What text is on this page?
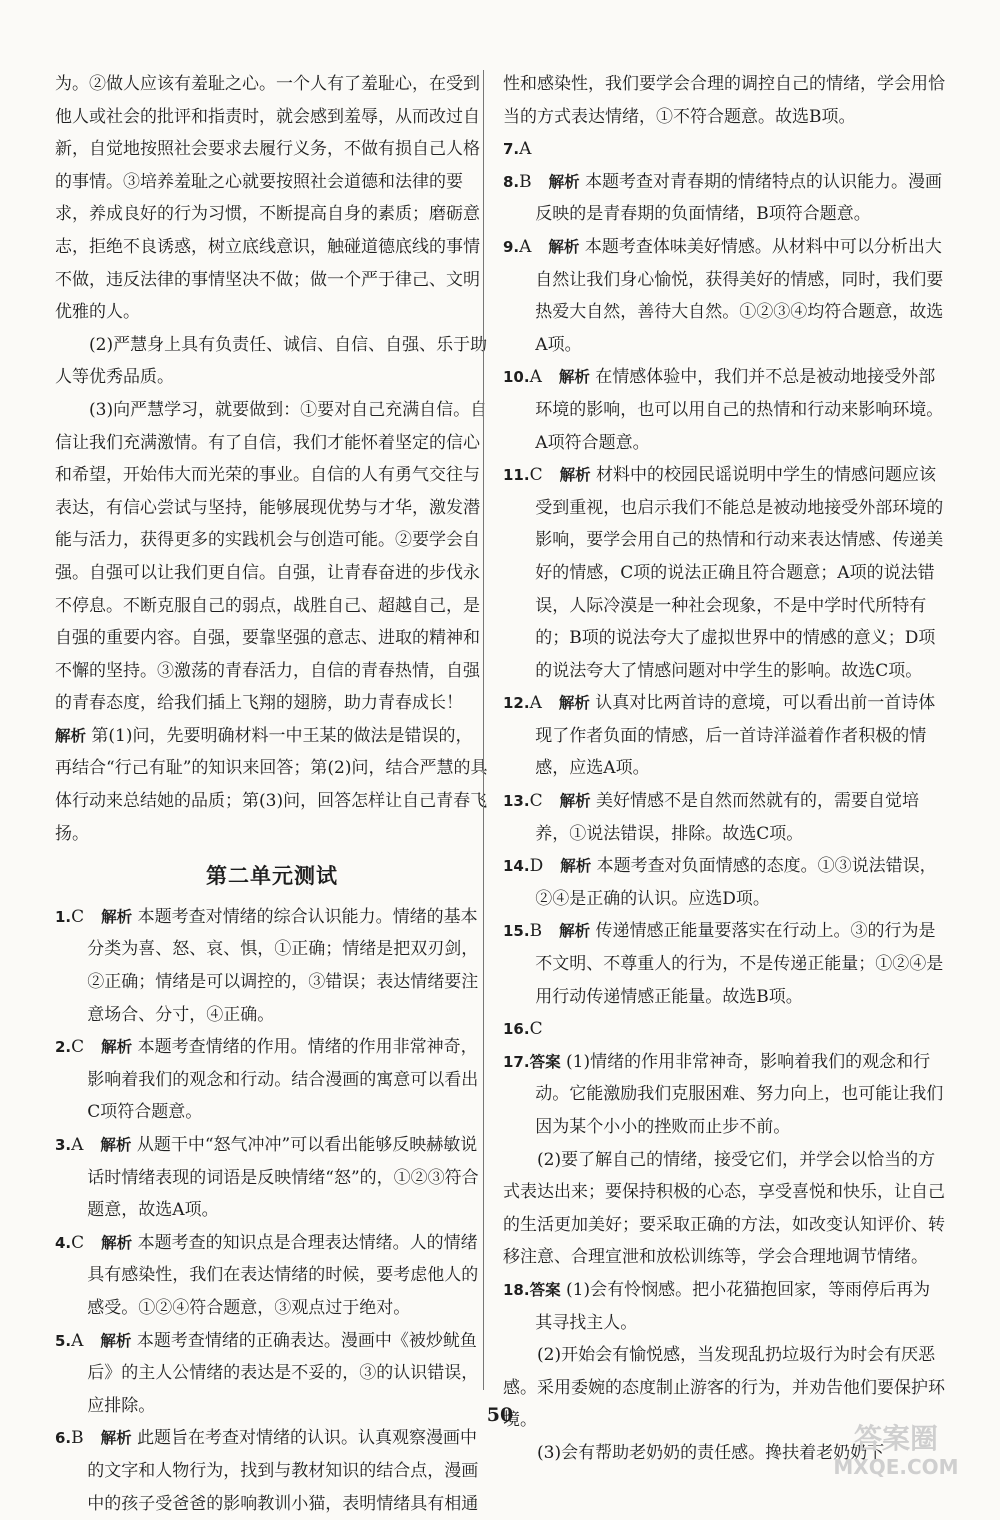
为。②做人应该有羞耻之心。一个人有了羞耻心，在受到他人或社会的批评和指责时，就会感到羞辱，从而改过自新，自觉地按照社会要求去履行义务，不做有损自己人格的事情。③培养羞耻之心就要按照社会道德和法律的要求，养成良好的行为习惯，不断提高自身的素质；磨砺意志，拒绝不良诱惑，树立底线意识，触碰道德底线的事情不做，违反法律的事情坚决不做；做一个严于律己、文明优雅的人。

(2)严慧身上具有负责任、诚信、自信、自强、乐于助人等优秀品质。

(3)向严慧学习，就要做到：①要对自己充满自信。自信让我们充满激情。有了自信，我们才能怀着坚定的信心和希望，开始伟大而光荣的事业。自信的人有勇气交往与表达，有信心尝试与坚持，能够展现优势与才华，激发潜能与活力，获得更多的实践机会与创造可能。②要学会自强。自强可以让我们更自信。自强，让青春奋进的步伐永不停息。不断克服自己的弱点，战胜自己、超越自己，是自强的重要内容。自强，要靠坚强的意志、进取的精神和不懈的坚持。③激荡的青春活力，自信的青春热情，自强的青春态度，给我们插上飞翔的翅膀，助力青春成长！

解析 第(1)问，先要明确材料一中王某的做法是错误的，再结合“行己有耻”的知识来回答；第(2)问，结合严慧的具体行动来总结她的品质；第(3)问，回答怎样让自己青春飞扬。

第二单元测试

1.C  解析 本题考查对情绪的综合认识能力。情绪的基本分类为喜、怒、哀、惧，①正确；情绪是把双刃剑，②正确；情绪是可以调控的，③错误；表达情绪要注意场合、分寸，④正确。

2.C  解析 本题考查情绪的作用。情绪的作用非常神奇，影响着我们的观念和行动。结合漫画的寓意可以看出C项符合题意。

3.A  解析 从题干中“怒气冲冲”可以看出能够反映赫敏说话时情绪表现的词语是反映情绪“怒”的，①②③符合题意，故选A项。

4.C  解析 本题考查的知识点是合理表达情绪。人的情绪具有感染性，我们在表达情绪的时候，要考虑他人的感受。①②④符合题意，③观点过于绝对。

5.A  解析 本题考查情绪的正确表达。漫画中《被炒鱿鱼后》的主人公情绪的表达是不妥的，③的认识错误，应排除。

6.B  解析 此题旨在考查对情绪的认识。认真观察漫画中的文字和人物行为，找到与教材知识的结合点，漫画中的孩子受爸爸的影响教训小猫，表明情绪具有相通

性和感染性，我们要学会合理的调控自己的情绪，学会用恰当的方式表达情绪，①不符合题意。故选B项。

7.A

8.B  解析 本题考查对青春期的情绪特点的认识能力。漫画反映的是青春期的负面情绪，B项符合题意。

9.A  解析 本题考查体味美好情感。从材料中可以分析出大自然让我们身心愉悦，获得美好的情感，同时，我们要热爱大自然，善待大自然。①②③④均符合题意，故选A项。

10.A  解析 在情感体验中，我们并不总是被动地接受外部环境的影响，也可以用自己的热情和行动来影响环境。A项符合题意。

11.C  解析 材料中的校园民谣说明中学生的情感问题应该受到重视，也启示我们不能总是被动地接受外部环境的影响，要学会用自己的热情和行动来表达情感、传递美好的情感，C项的说法正确且符合题意；A项的说法错误，人际冷漠是一种社会现象，不是中学时代所特有的；B项的说法夸大了虚拟世界中的情感的意义；D项的说法夸大了情感问题对中学生的影响。故选C项。

12.A  解析 认真对比两首诗的意境，可以看出前一首诗体现了作者负面的情感，后一首诗洋溢着作者积极的情感，应选A项。

13.C  解析 美好情感不是自然而然就有的，需要自觉培养，①说法错误，排除。故选C项。

14.D  解析 本题考查对负面情感的态度。①③说法错误，②④是正确的认识。应选D项。

15.B  解析 传递情感正能量要落实在行动上。③的行为是不文明、不尊重人的行为，不是传递正能量；①②④是用行动传递情感正能量。故选B项。

16.C

17.答案 (1)情绪的作用非常神奇，影响着我们的观念和行动。它能激励我们克服困难、努力向上，也可能让我们因为某个小小的挫败而止步不前。

(2)要了解自己的情绪，接受它们，并学会以恰当的方式表达出来；要保持积极的心态，享受喜悦和快乐，让自己的生活更加美好；要采取正确的方法，如改变认知评价、转移注意、合理宣泄和放松训练等，学会合理地调节情绪。

18.答案 (1)会有怜悯感。把小花猫抱回家，等雨停后再为其寻找主人。

(2)开始会有愉悦感，当发现乱扔垃圾行为时会有厌恶感。采用委婉的态度制止游客的行为，并劝告他们要保护环境。

(3)会有帮助老奶奶的责任感。搀扶着老奶奶下

50
答案圈
MXQE.COM
